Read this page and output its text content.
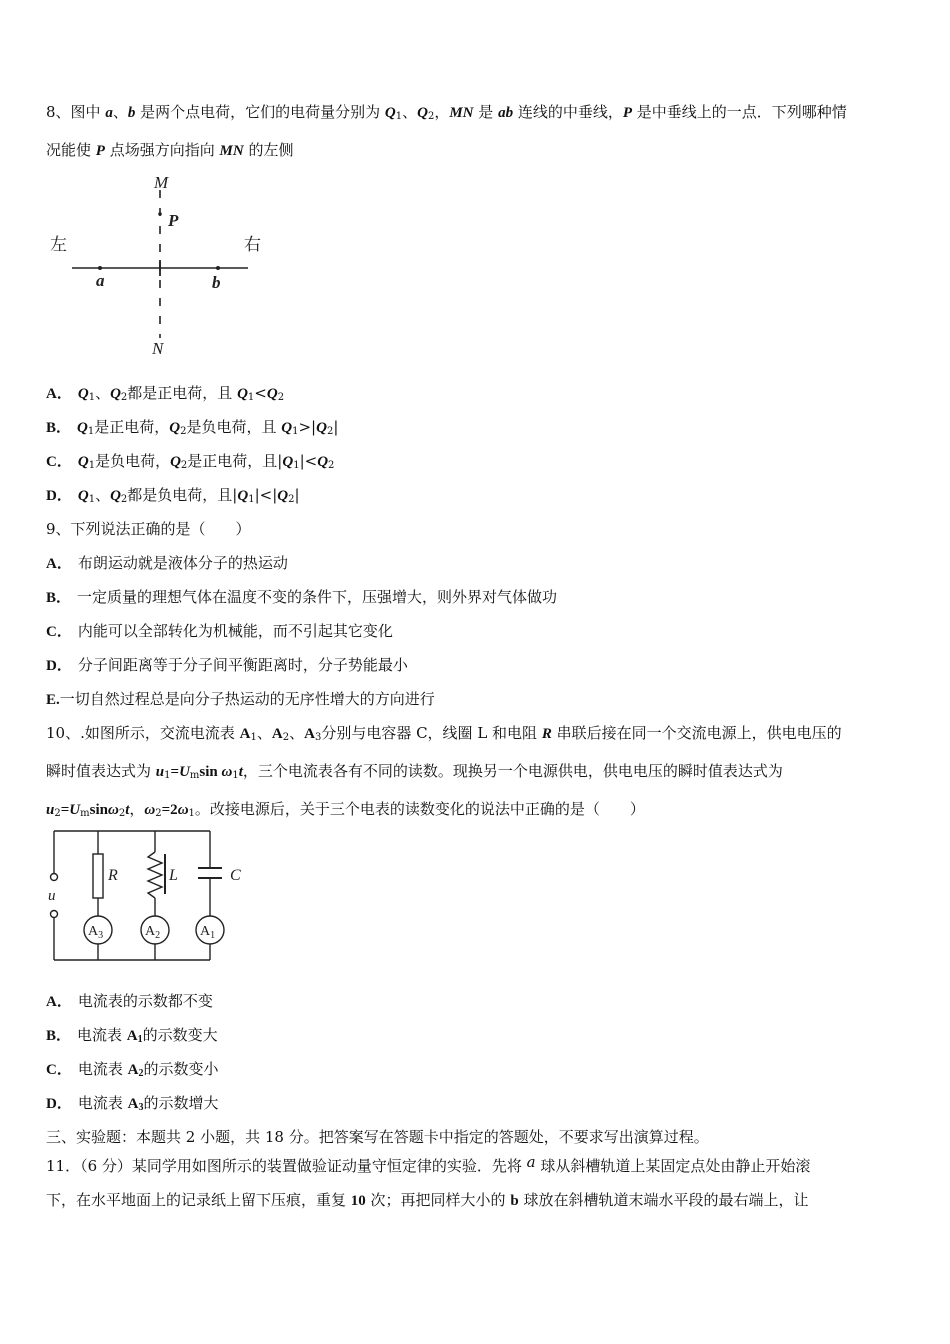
8、图中 a、b 是两个点电荷，它们的电荷量分别为 $Q_1$、$Q_2$，MN 是 ab 连线的中垂线，P 是中垂线上的一点．下列哪种情
况能使 P 点场强方向指向 MN 的左侧
M
P
N
a	b
左	右
A． $Q_1$、$Q_2$都是正电荷，且 $Q_1<Q_2$
B． $Q_1$是正电荷，$Q_2$是负电荷，且 $Q_1>|Q_2|$
C． $Q_1$是负电荷，$Q_2$是正电荷，且$|Q_1|<Q_2$
D． $Q_1$、$Q_2$都是负电荷，且$|Q_1|<|Q_2|$
9、下列说法正确的是（　　）
A． 布朗运动就是液体分子的热运动
B． 一定质量的理想气体在温度不变的条件下，压强增大，则外界对气体做功
C． 内能可以全部转化为机械能，而不引起其它变化
D． 分子间距离等于分子间平衡距离时，分子势能最小
E.一切自然过程总是向分子热运动的无序性增大的方向进行
10、.如图所示，交流电流表 $A_1$、$A_2$、$A_3$分别与电容器 C，线圈 L 和电阻 R 串联后接在同一个交流电源上，供电电压的
瞬时值表达式为 $u_1=U_m\sin$ $\omega_1t$，三个电流表各有不同的读数。现换另一个电源供电，供电电压的瞬时值表达式为
$u_2=U_m\sin\omega_2t$，$\omega_2=2\omega_1$。改接电源后，关于三个电表的读数变化的说法中正确的是（　　）
R	L	C
u
$A_3$	$A_2$	$A_1$
A． 电流表的示数都不变
B． 电流表 $A_1$的示数变大
C． 电流表 $A_2$的示数变小
D． 电流表 $A_3$的示数增大
三、实验题：本题共 2 小题，共 18 分。把答案写在答题卡中指定的答题处，不要求写出演算过程。
11．（6 分）某同学用如图所示的装置做验证动量守恒定律的实验．先将 a 球从斜槽轨道上某固定点处由静止开始滚
下，在水平地面上的记录纸上留下压痕，重复 10 次；再把同样大小的 b 球放在斜槽轨道末端水平段的最右端上，让
